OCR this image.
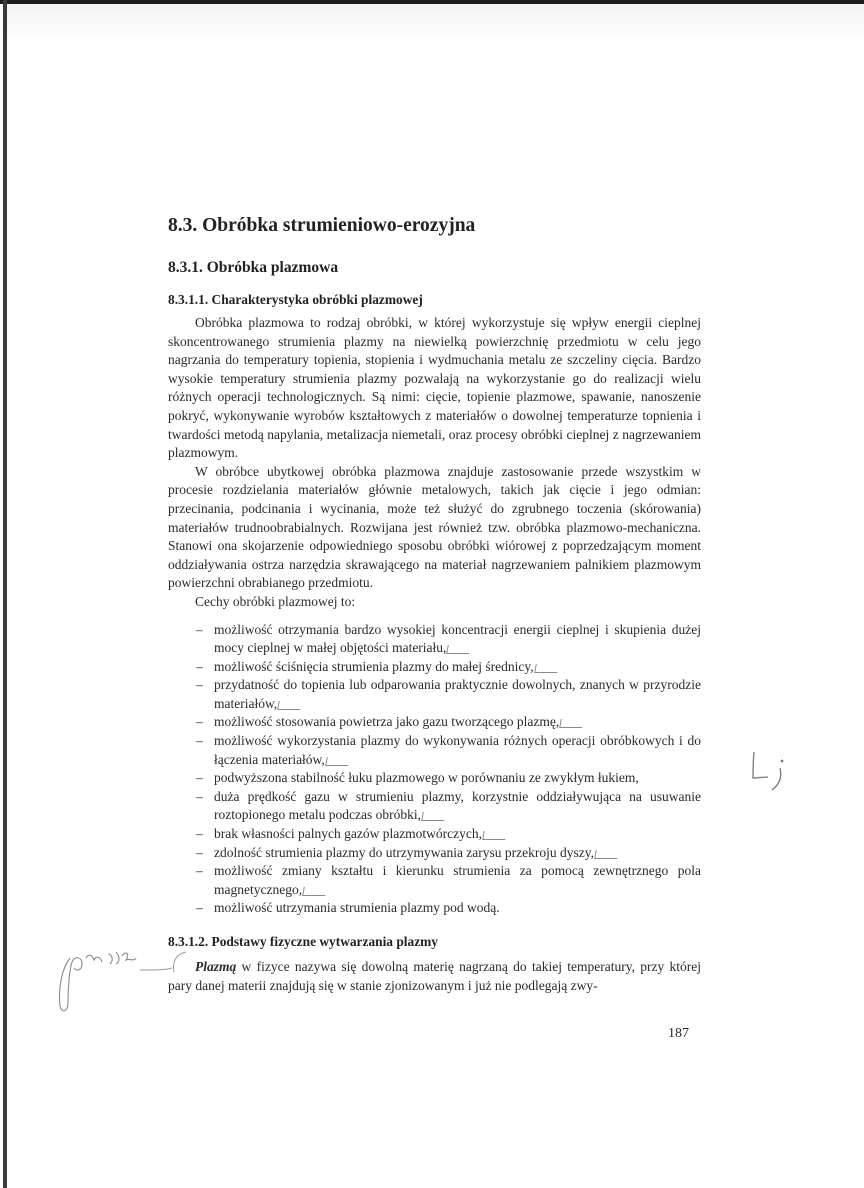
8.3. Obróbka strumieniowo-erozyjna
8.3.1. Obróbka plazmowa
8.3.1.1. Charakterystyka obróbki plazmowej

Obróbka plazmowa to rodzaj obróbki, w której wykorzystuje się wpływ energii cieplnej skoncentrowanego strumienia plazmy na niewielką powierzchnię przedmiotu w celu jego nagrzania do temperatury topienia, stopienia i wydmuchania metalu ze szczeliny cięcia. Bardzo wysokie temperatury strumienia plazmy pozwalają na wykorzystanie go do realizacji wielu różnych operacji technologicznych. Są nimi: cięcie, topienie plazmowe, spawanie, nanoszenie pokryć, wykonywanie wyrobów kształtowych z materiałów o dowolnej temperaturze topnienia i twardości metodą napylania, metalizacja niemetali, oraz procesy obróbki cieplnej z nagrzewaniem plazmowym.

W obróbce ubytkowej obróbka plazmowa znajduje zastosowanie przede wszystkim w procesie rozdzielania materiałów głównie metalowych, takich jak cięcie i jego odmian: przecinania, podcinania i wycinania, może też służyć do zgrubnego toczenia (skórowania) materiałów trudnoobrabialnych. Rozwijana jest również tzw. obróbka plazmowo-mechaniczna. Stanowi ona skojarzenie odpowiedniego sposobu obróbki wiórowej z poprzedzającym moment oddziaływania ostrza narzędzia skrawającego na materiał nagrzewaniem palnikiem plazmowym powierzchni obrabianego przedmiotu.

Cechy obróbki plazmowej to:

– możliwość otrzymania bardzo wysokiej koncentracji energii cieplnej i skupienia dużej mocy cieplnej w małej objętości materiału,
– możliwość ściśnięcia strumienia plazmy do małej średnicy,
– przydatność do topienia lub odparowania praktycznie dowolnych, znanych w przyrodzie materiałów,
– możliwość stosowania powietrza jako gazu tworzącego plazmę,
– możliwość wykorzystania plazmy do wykonywania różnych operacji obróbkowych i do łączenia materiałów,
– podwyższona stabilność łuku plazmowego w porównaniu ze zwykłym łukiem,
– duża prędkość gazu w strumieniu plazmy, korzystnie oddziaływująca na usuwanie roztopionego metalu podczas obróbki,
– brak własności palnych gazów plazmotwórczych,
– zdolność strumienia plazmy do utrzymywania zarysu przekroju dyszy,
– możliwość zmiany kształtu i kierunku strumienia za pomocą zewnętrznego pola magnetycznego,
– możliwość utrzymania strumienia plazmy pod wodą.
8.3.1.2. Podstawy fizyczne wytwarzania plazmy

Plazmą w fizyce nazywa się dowolną materię nagrzaną do takiej temperatury, przy której pary danej materii znajdują się w stanie zjonizowanym i już nie podlegają zwy-

187
